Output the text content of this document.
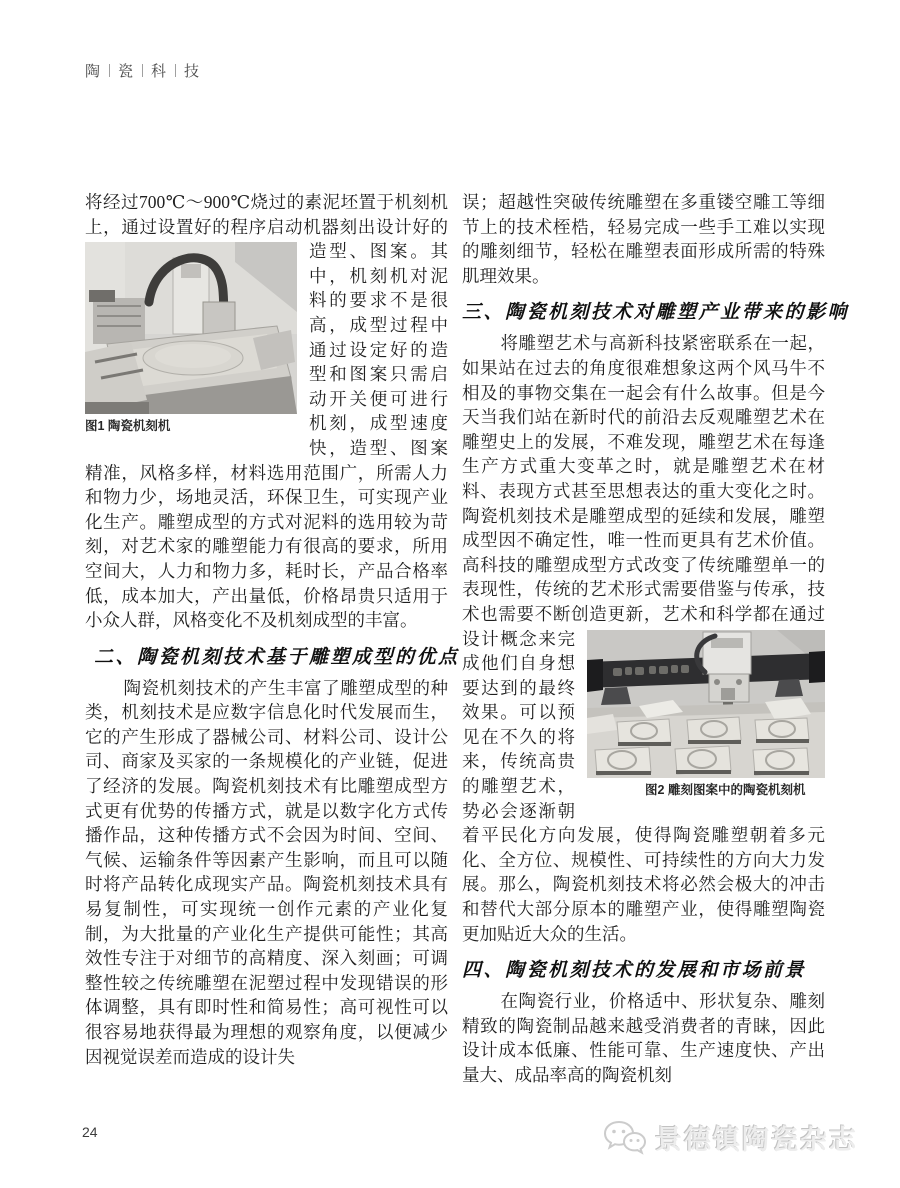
陶 瓷 科 技

将经过700℃～900℃烧过的素泥坯置于机刻机上，通过设置好的程序启动机器刻出设计好的造型、图案。其
图1 陶瓷机刻机
中，机刻机对泥料的要求不是很高，成型过程中通过设定好的造型和图案只需启动开关便可进行机刻，成型速度快，造型、图案精准，风格多样，材料选用范围广，所需人力和物力少，场地灵活，环保卫生，可实现产业化生产。雕塑成型的方式对泥料的选用较为苛刻，对艺术家的雕塑能力有很高的要求，所用空间大，人力和物力多，耗时长，产品合格率低，成本加大，产出量低，价格昂贵只适用于小众人群，风格变化不及机刻成型的丰富。

二、陶瓷机刻技术基于雕塑成型的优点

陶瓷机刻技术的产生丰富了雕塑成型的种类，机刻技术是应数字信息化时代发展而生，它的产生形成了器械公司、材料公司、设计公司、商家及买家的一条规模化的产业链，促进了经济的发展。陶瓷机刻技术有比雕塑成型方式更有优势的传播方式，就是以数字化方式传播作品，这种传播方式不会因为时间、空间、气候、运输条件等因素产生影响，而且可以随时将产品转化成现实产品。陶瓷机刻技术具有易复制性，可实现统一创作元素的产业化复制，为大批量的产业化生产提供可能性；其高效性专注于对细节的高精度、深入刻画；可调整性较之传统雕塑在泥塑过程中发现错误的形体调整，具有即时性和简易性；高可视性可以很容易地获得最为理想的观察角度，以便减少因视觉误差而造成的设计失

误；超越性突破传统雕塑在多重镂空雕工等细节上的技术桎梏，轻易完成一些手工难以实现的雕刻细节，轻松在雕塑表面形成所需的特殊肌理效果。

三、陶瓷机刻技术对雕塑产业带来的影响

将雕塑艺术与高新科技紧密联系在一起，如果站在过去的角度很难想象这两个风马牛不相及的事物交集在一起会有什么故事。但是今天当我们站在新时代的前沿去反观雕塑艺术在雕塑史上的发展，不难发现，雕塑艺术在每逢生产方式重大变革之时，就是雕塑艺术在材料、表现方式甚至思想表达的重大变化之时。陶瓷机刻技术是雕塑成型的延续和发展，雕塑成型因不确定性，唯一性而更具有艺术价值。高科技的雕塑成型方式改变了传统雕塑单一的表现性，传统的艺术形式需要借鉴与传承，技术也需要不断创造更新，艺术和科学都在通过
图2 雕刻图案中的陶瓷机刻机
设计概念来完成他们自身想要达到的最终效果。可以预见在不久的将来，传统高贵的雕塑艺术，势必会逐渐朝着平民化方向发展，使得陶瓷雕塑朝着多元化、全方位、规模性、可持续性的方向大力发展。那么，陶瓷机刻技术将必然会极大的冲击和替代大部分原本的雕塑产业，使得雕塑陶瓷更加贴近大众的生活。

四、陶瓷机刻技术的发展和市场前景

在陶瓷行业，价格适中、形状复杂、雕刻精致的陶瓷制品越来越受消费者的青睐，因此设计成本低廉、性能可靠、生产速度快、产出量大、成品率高的陶瓷机刻

24	景德镇陶瓷杂志
